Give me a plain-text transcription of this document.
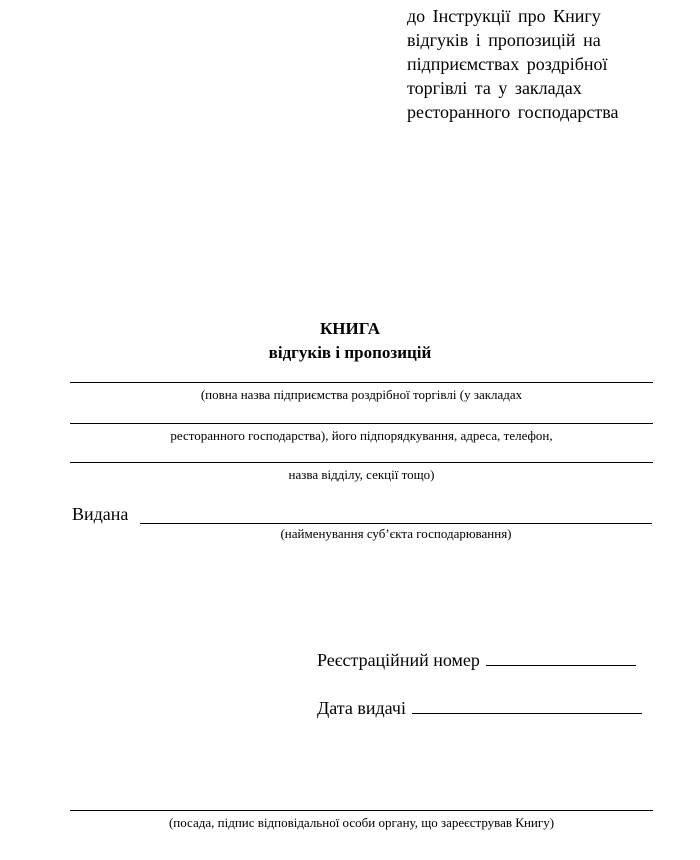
до Інструкції про Книгу
відгуків і пропозицій на
підприємствах роздрібної
торгівлі та у закладах
ресторанного господарства
КНИГА
відгуків і пропозицій
(повна назва підприємства роздрібної торгівлі (у закладах
ресторанного господарства), його підпорядкування, адреса, телефон,
назва відділу, секції тощо)
Видана
(найменування суб’єкта господарювання)
Реєстраційний номер
Дата видачі
(посада, підпис відповідальної особи органу, що зареєстрував Книгу)
